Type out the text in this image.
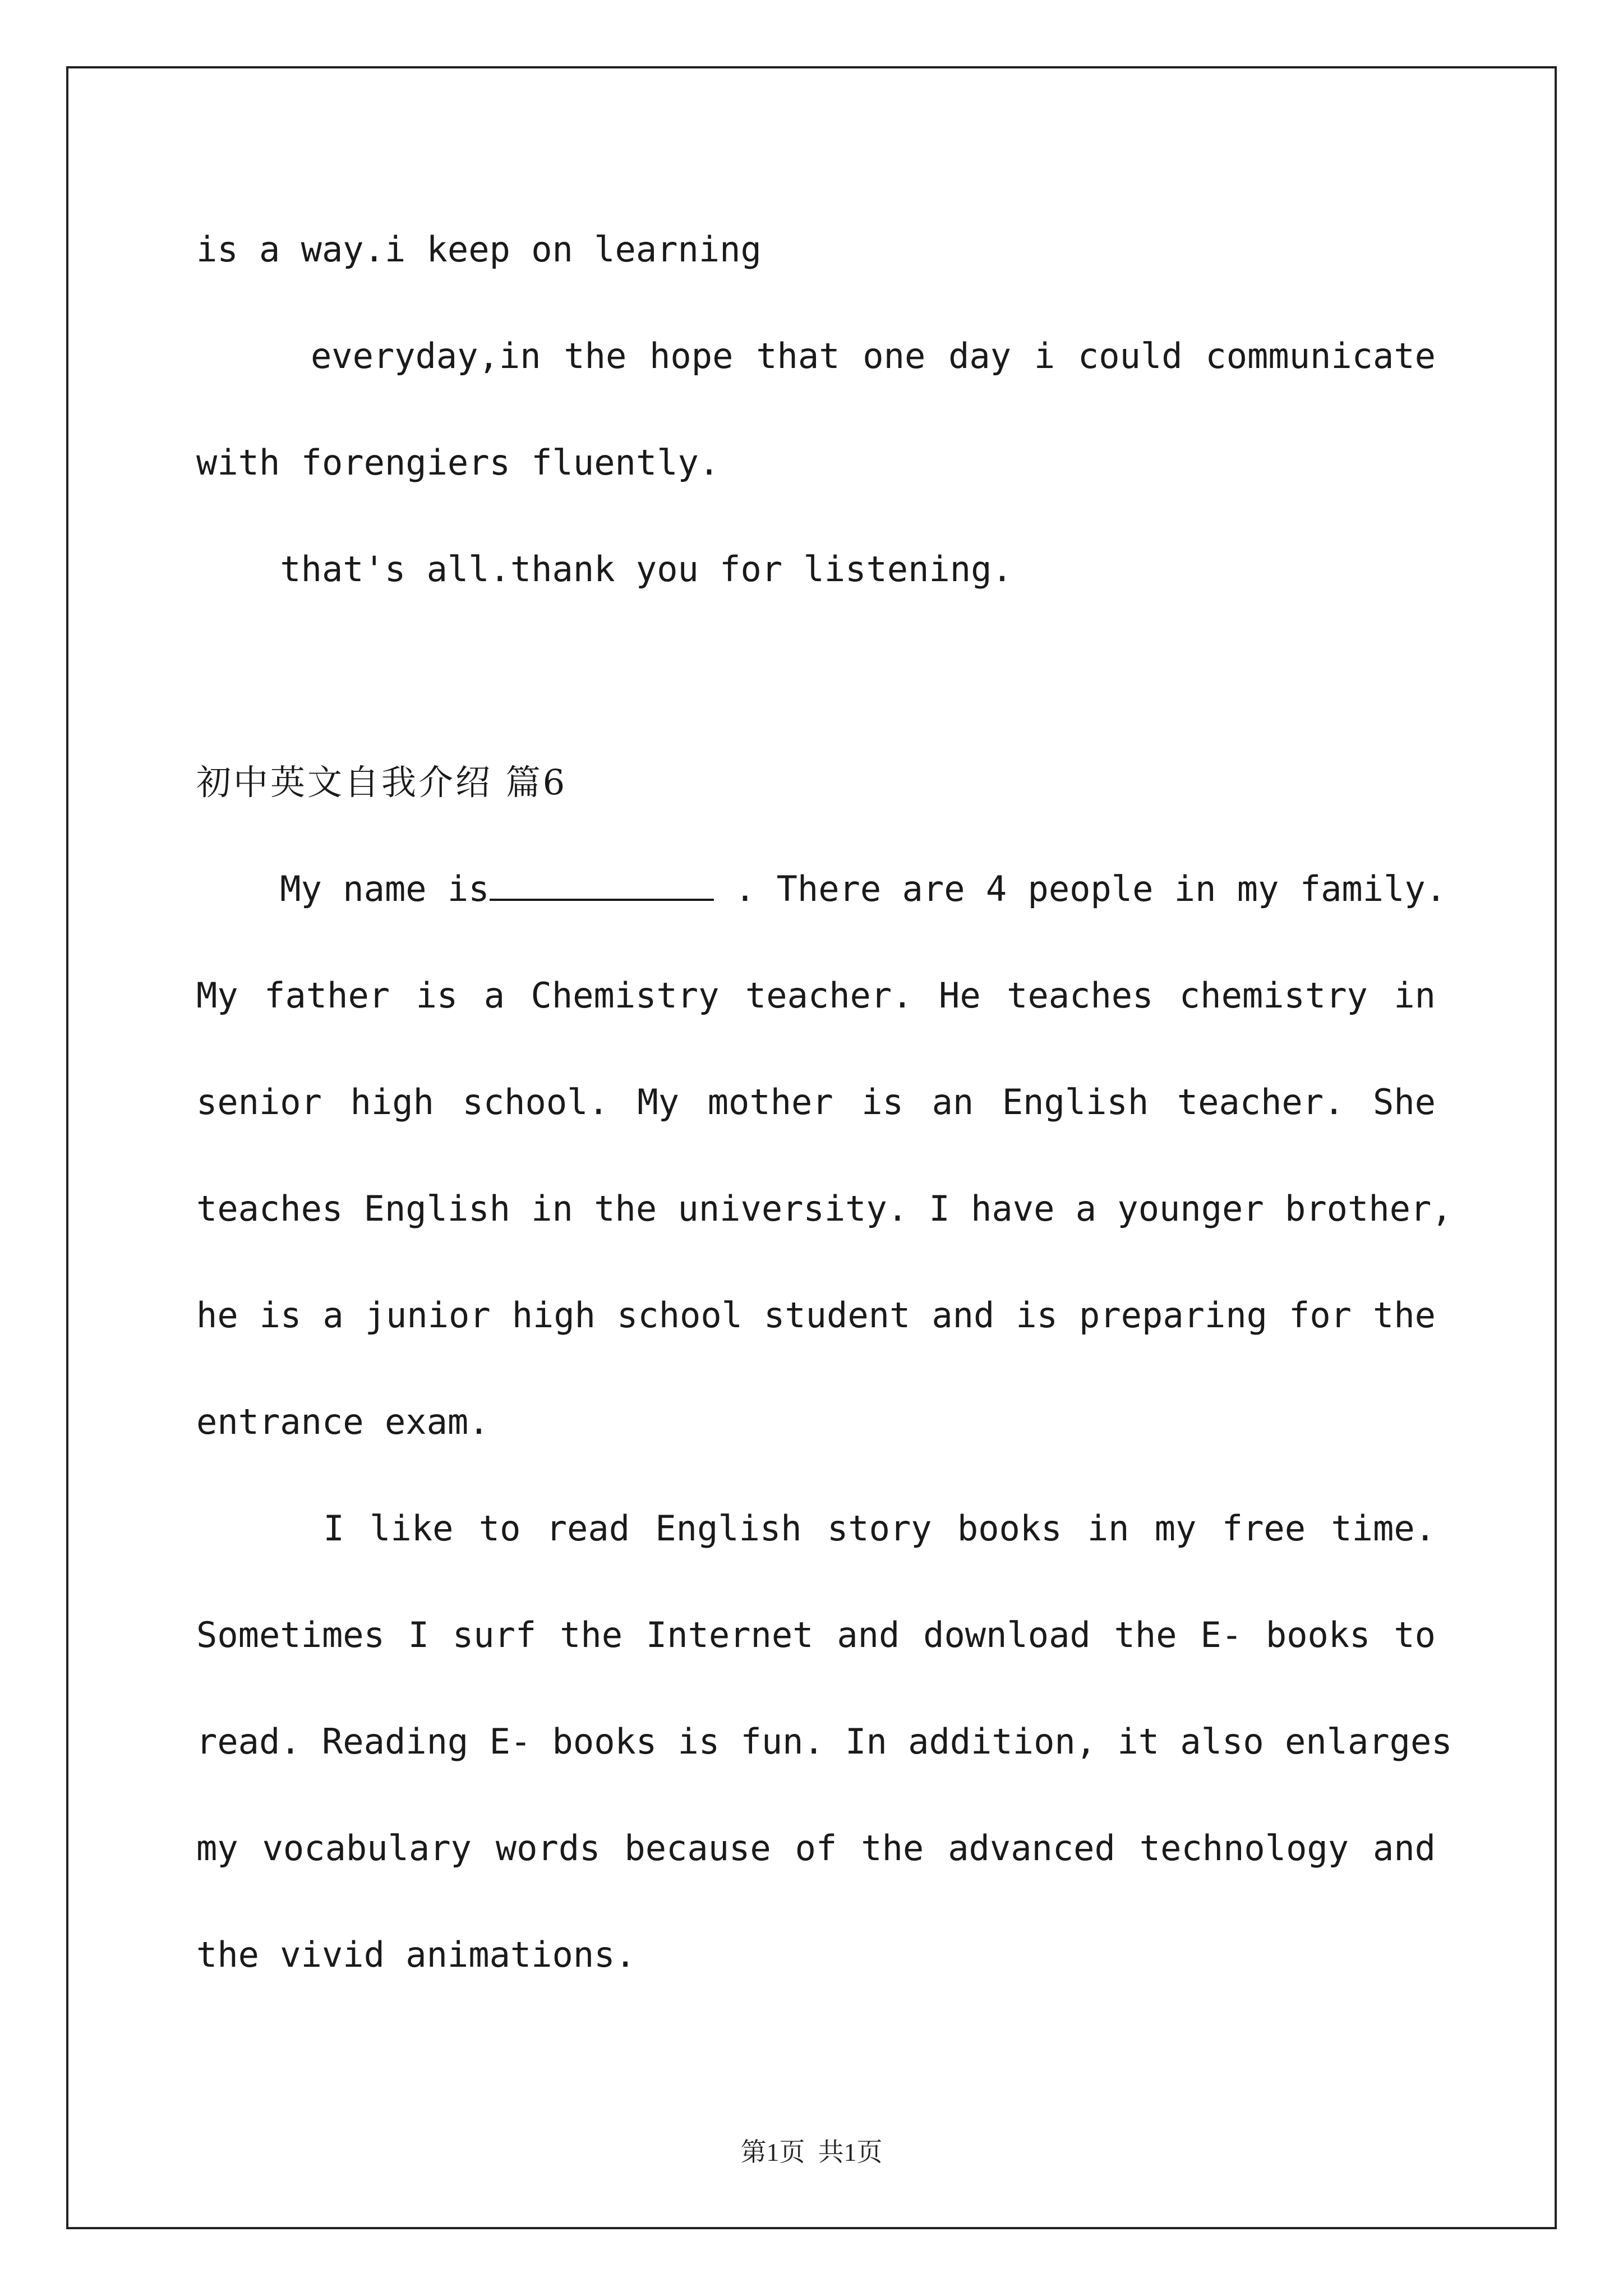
is a way.i keep on learning
everyday,in the hope that one day i could communicate
with forengiers fluently.
that's all.thank you for listening.
初中英文自我介绍 篇6
My name is	. There are 4 people in my family.
My father is a Chemistry teacher. He teaches chemistry in
senior high school. My mother is an English teacher. She
teaches English in the university. I have a younger brother,
he is a junior high school student and is preparing for the
entrance exam.
I like to read English story books in my free time.
Sometimes I surf the Internet and download the E- books to
read. Reading E- books is fun. In addition, it also enlarges
my vocabulary words because of the advanced technology and
the vivid animations.
第1页  共1页
